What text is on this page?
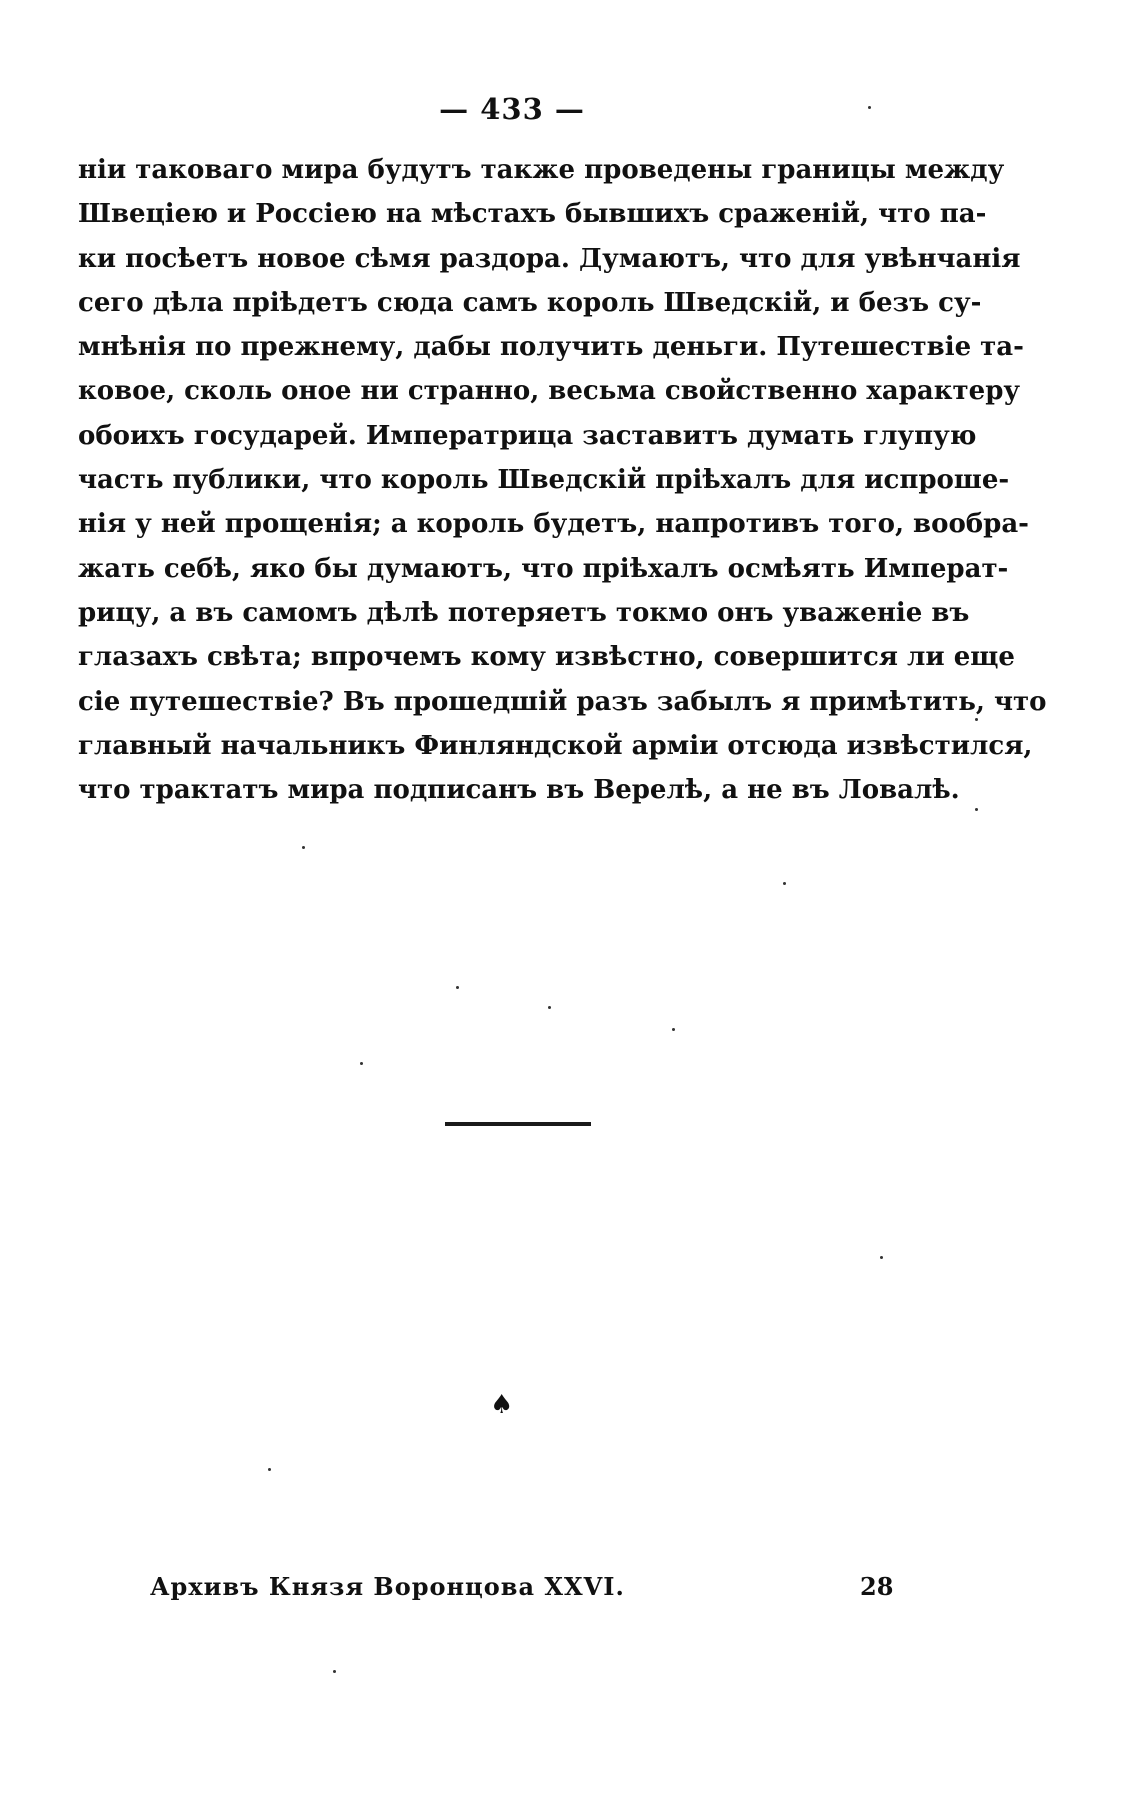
— 433 —
ніи таковаго мира будутъ также проведены границы между
Швеціею и Россіею на мѣстахъ бывшихъ сраженій, что па-
ки посѣетъ новое сѣмя раздора. Думаютъ, что для увѣнчанія
сего дѣла пріѣдетъ сюда самъ король Шведскій, и безъ су-
мнѣнія по прежнему, дабы получить деньги. Путешествіе та-
ковое, сколь оное ни странно, весьма свойственно характеру
обоихъ государей. Императрица заставитъ думать глупую
часть публики, что король Шведскій пріѣхалъ для испроше-
нія у ней прощенія; а король будетъ, напротивъ того, вообра-
жать себѣ, яко бы думаютъ, что пріѣхалъ осмѣять Императ-
рицу, а въ самомъ дѣлѣ потеряетъ токмо онъ уваженіе въ
глазахъ свѣта; впрочемъ кому извѣстно, совершится ли еще
сіе путешествіе? Въ прошедшій разъ забылъ я примѣтить, что
главный начальникъ Финляндской арміи отсюда извѣстился,
что трактатъ мира подписанъ въ Верелѣ, а не въ Ловалѣ.
♠
Архивъ Князя Воронцова XXVI.	28
